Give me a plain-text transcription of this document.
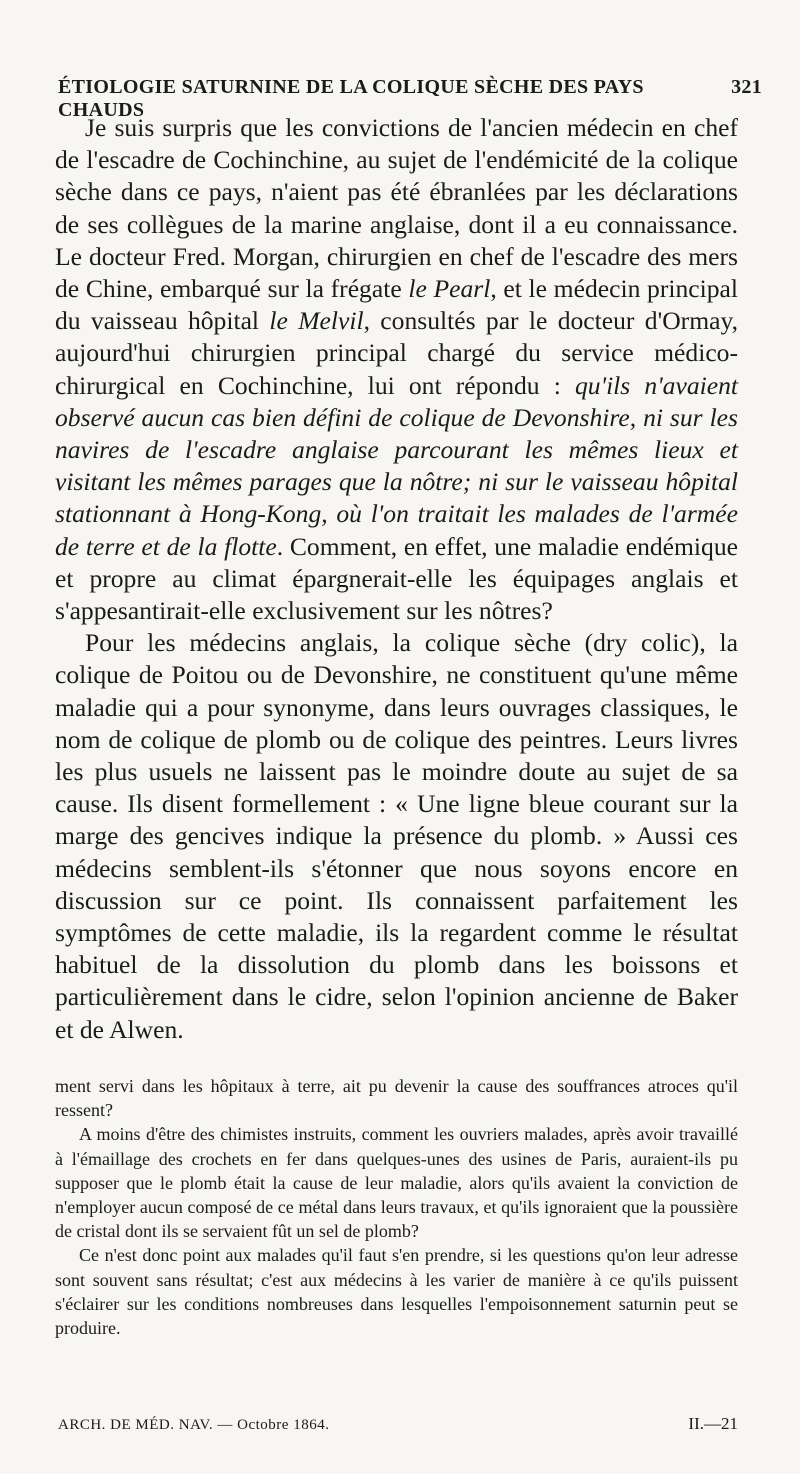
ÉTIOLOGIE SATURNINE DE LA COLIQUE SÈCHE DES PAYS CHAUDS
321

Je suis surpris que les convictions de l'ancien médecin en chef de l'escadre de Cochinchine, au sujet de l'endémicité de la colique sèche dans ce pays, n'aient pas été ébranlées par les déclarations de ses collègues de la marine anglaise, dont il a eu connaissance. Le docteur Fred. Morgan, chirurgien en chef de l'escadre des mers de Chine, embarqué sur la frégate le Pearl, et le médecin principal du vaisseau hôpital le Melvil, consultés par le docteur d'Ormay, aujourd'hui chirurgien principal chargé du service médico-chirurgical en Cochinchine, lui ont répondu : qu'ils n'avaient observé aucun cas bien défini de colique de Devonshire, ni sur les navires de l'escadre anglaise parcourant les mêmes lieux et visitant les mêmes parages que la nôtre; ni sur le vaisseau hôpital stationnant à Hong-Kong, où l'on traitait les malades de l'armée de terre et de la flotte. Comment, en effet, une maladie endémique et propre au climat épargnerait-elle les équipages anglais et s'appesantirait-elle exclusivement sur les nôtres?

Pour les médecins anglais, la colique sèche (dry colic), la colique de Poitou ou de Devonshire, ne constituent qu'une même maladie qui a pour synonyme, dans leurs ouvrages classiques, le nom de colique de plomb ou de colique des peintres. Leurs livres les plus usuels ne laissent pas le moindre doute au sujet de sa cause. Ils disent formellement : « Une ligne bleue courant sur la marge des gencives indique la présence du plomb. » Aussi ces médecins semblent-ils s'étonner que nous soyons encore en discussion sur ce point. Ils connaissent parfaitement les symptômes de cette maladie, ils la regardent comme le résultat habituel de la dissolution du plomb dans les boissons et particulièrement dans le cidre, selon l'opinion ancienne de Baker et de Alwen.

ment servi dans les hôpitaux à terre, ait pu devenir la cause des souffrances atroces qu'il ressent?

A moins d'être des chimistes instruits, comment les ouvriers malades, après avoir travaillé à l'émaillage des crochets en fer dans quelques-unes des usines de Paris, auraient-ils pu supposer que le plomb était la cause de leur maladie, alors qu'ils avaient la conviction de n'employer aucun composé de ce métal dans leurs travaux, et qu'ils ignoraient que la poussière de cristal dont ils se servaient fût un sel de plomb?

Ce n'est donc point aux malades qu'il faut s'en prendre, si les questions qu'on leur adresse sont souvent sans résultat; c'est aux médecins à les varier de manière à ce qu'ils puissent s'éclairer sur les conditions nombreuses dans lesquelles l'empoisonnement saturnin peut se produire.

ARCH. DE MÉD. NAV. — Octobre 1864.	II.—21
